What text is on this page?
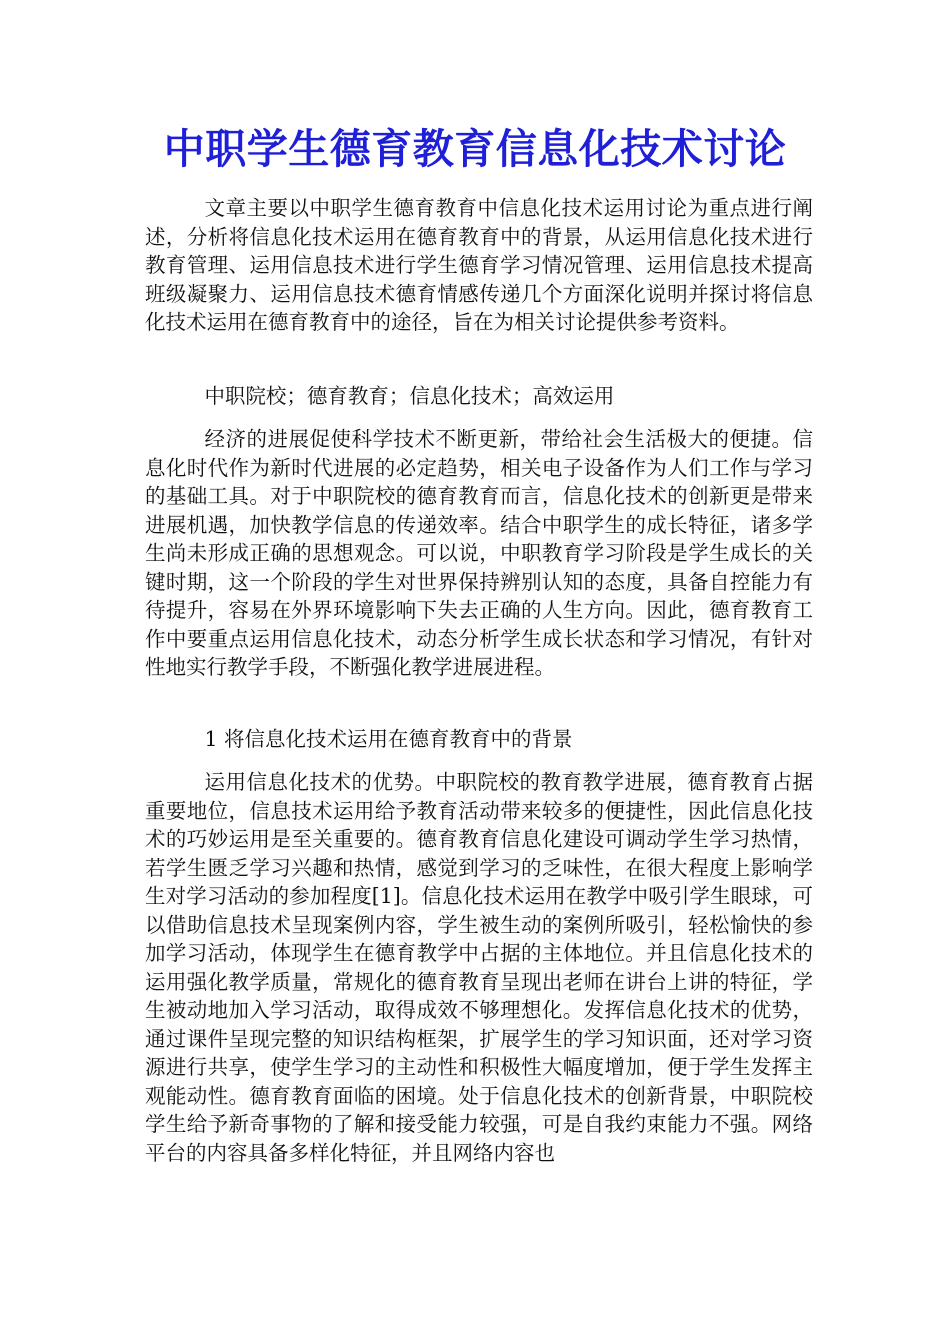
中职学生德育教育信息化技术讨论

文章主要以中职学生德育教育中信息化技术运用讨论为重点进行阐述，分析将信息化技术运用在德育教育中的背景，从运用信息化技术进行教育管理、运用信息技术进行学生德育学习情况管理、运用信息技术提高班级凝聚力、运用信息技术德育情感传递几个方面深化说明并探讨将信息化技术运用在德育教育中的途径，旨在为相关讨论提供参考资料。

中职院校；德育教育；信息化技术；高效运用

经济的进展促使科学技术不断更新，带给社会生活极大的便捷。信息化时代作为新时代进展的必定趋势，相关电子设备作为人们工作与学习的基础工具。对于中职院校的德育教育而言，信息化技术的创新更是带来进展机遇，加快教学信息的传递效率。结合中职学生的成长特征，诸多学生尚未形成正确的思想观念。可以说，中职教育学习阶段是学生成长的关键时期，这一个阶段的学生对世界保持辨别认知的态度，具备自控能力有待提升，容易在外界环境影响下失去正确的人生方向。因此，德育教育工作中要重点运用信息化技术，动态分析学生成长状态和学习情况，有针对性地实行教学手段，不断强化教学进展进程。

1 将信息化技术运用在德育教育中的背景

运用信息化技术的优势。中职院校的教育教学进展，德育教育占据重要地位，信息技术运用给予教育活动带来较多的便捷性，因此信息化技术的巧妙运用是至关重要的。德育教育信息化建设可调动学生学习热情，若学生匮乏学习兴趣和热情，感觉到学习的乏味性，在很大程度上影响学生对学习活动的参加程度[1]。信息化技术运用在教学中吸引学生眼球，可以借助信息技术呈现案例内容，学生被生动的案例所吸引，轻松愉快的参加学习活动，体现学生在德育教学中占据的主体地位。并且信息化技术的运用强化教学质量，常规化的德育教育呈现出老师在讲台上讲的特征，学生被动地加入学习活动，取得成效不够理想化。发挥信息化技术的优势，通过课件呈现完整的知识结构框架，扩展学生的学习知识面，还对学习资源进行共享，使学生学习的主动性和积极性大幅度增加，便于学生发挥主观能动性。德育教育面临的困境。处于信息化技术的创新背景，中职院校学生给予新奇事物的了解和接受能力较强，可是自我约束能力不强。网络平台的内容具备多样化特征，并且网络内容也
